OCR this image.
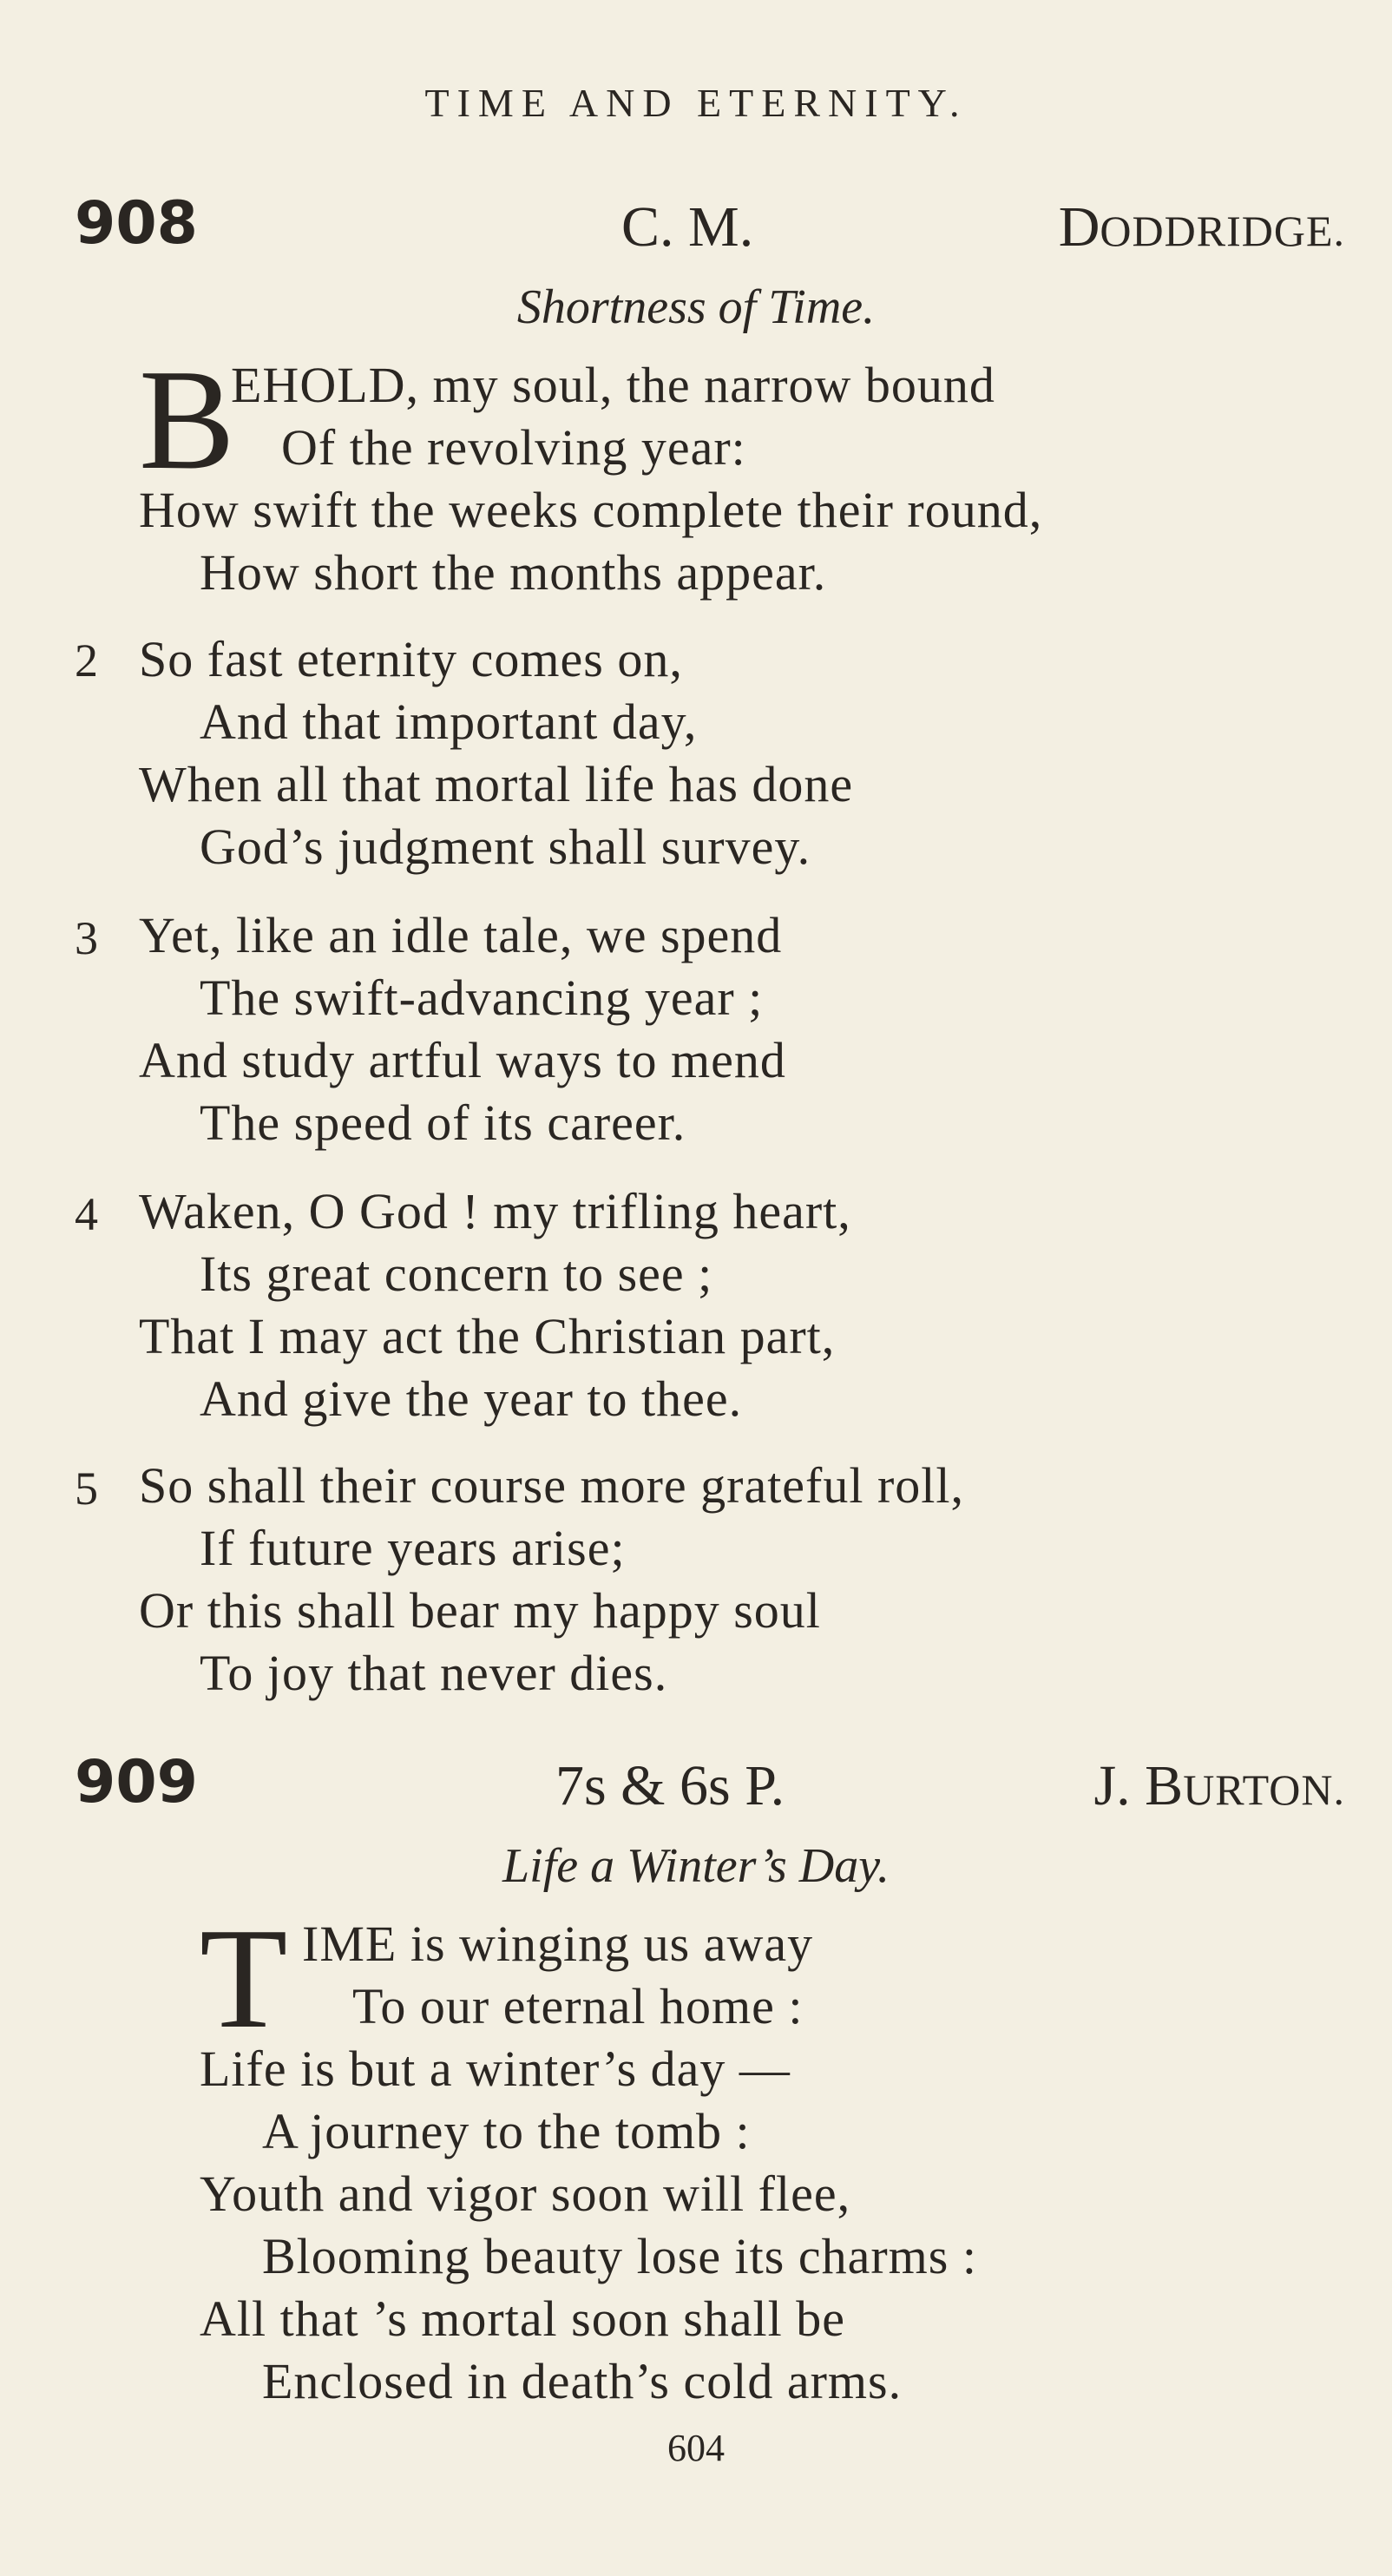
TIME AND ETERNITY.
908	C. M.	DODDRIDGE.
Shortness of Time.
B
EHOLD, my soul, the narrow bound
Of the revolving year:
How swift the weeks complete their round,
How short the months appear.
2 So fast eternity comes on,
And that important day,
When all that mortal life has done
God’s judgment shall survey.
3 Yet, like an idle tale, we spend
The swift-advancing year ;
And study artful ways to mend
The speed of its career.
4 Waken, O God ! my trifling heart,
Its great concern to see ;
That I may act the Christian part,
And give the year to thee.
5 So shall their course more grateful roll,
If future years arise;
Or this shall bear my happy soul
To joy that never dies.
909	7s & 6s P.	J. BURTON.
Life a Winter’s Day.
T IME is winging us away
To our eternal home :
Life is but a winter’s day —
A journey to the tomb :
Youth and vigor soon will flee,
Blooming beauty lose its charms :
All that ’s mortal soon shall be
Enclosed in death’s cold arms.
604
